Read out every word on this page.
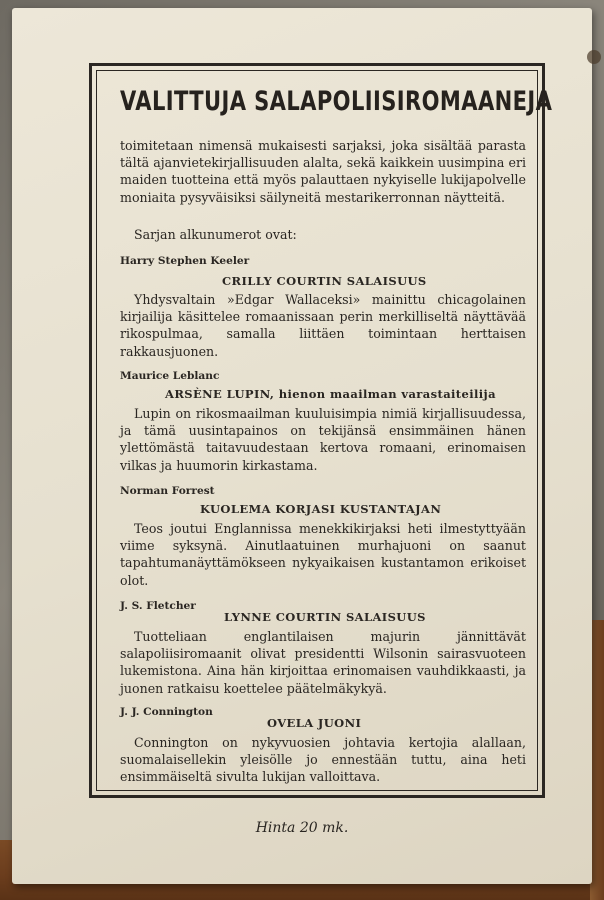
VALITTUJA SALAPOLIISIROMAANEJA
toimitetaan nimensä mukaisesti sarjaksi, joka sisältää parasta tältä ajanvietekirjallisuuden alalta, sekä kaikkein uusimpina eri maiden tuotteina että myös palauttaen nykyiselle lukijapolvelle moniaita pysyväisiksi säilyneitä mestarikerronnan näytteitä.
Sarjan alkunumerot ovat:
Harry Stephen Keeler
CRILLY COURTIN SALAISUUS
Yhdysvaltain »Edgar Wallaceksi» mainittu chicagolainen kirjailija käsittelee romaanissaan perin merkilliseltä näyttävää rikospulmaa, samalla liittäen toimintaan herttaisen rakkausjuonen.
Maurice Leblanc
ARSÈNE LUPIN, hienon maailman varastaiteilija
Lupin on rikosmaailman kuuluisimpia nimiä kirjallisuudessa, ja tämä uusintapainos on tekijänsä ensimmäinen hänen ylettömästä taitavuudestaan kertova romaani, erinomaisen vilkas ja huumorin kirkastama.
Norman Forrest
KUOLEMA KORJASI KUSTANTAJAN
Teos joutui Englannissa menekkikirjaksi heti ilmestyttyään viime syksynä. Ainutlaatuinen murhajuoni on saanut tapahtumanäyttämökseen nykyaikaisen kustantamon erikoiset olot.
J. S. Fletcher
LYNNE COURTIN SALAISUUS
Tuotteliaan englantilaisen majurin jännittävät salapoliisiromaanit olivat presidentti Wilsonin sairasvuoteen lukemistona. Aina hän kirjoittaa erinomaisen vauhdikkaasti, ja juonen ratkaisu koettelee päätelmäkykyä.
J. J. Connington
OVELA JUONI
Connington on nykyvuosien johtavia kertojia alallaan, suomalaisellekin yleisölle jo ennestään tuttu, aina heti ensimmäiseltä sivulta lukijan valloittava.
Hinta 20 mk.
